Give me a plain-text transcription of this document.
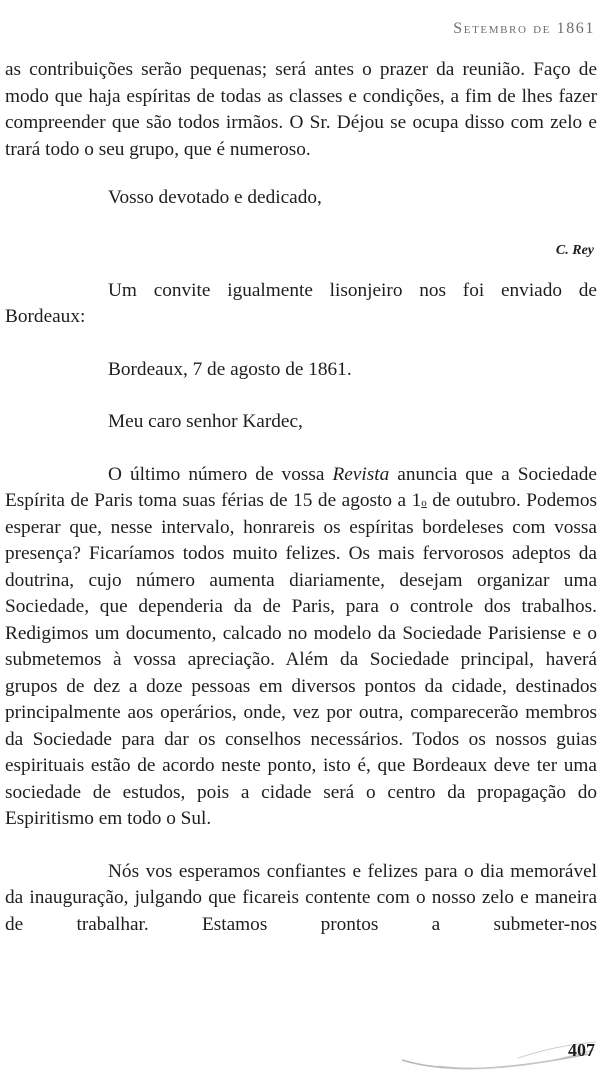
Setembro de 1861

as contribuições serão pequenas; será antes o prazer da reunião. Faço de modo que haja espíritas de todas as classes e condições, a fim de lhes fazer compreender que são todos irmãos. O Sr. Déjou se ocupa disso com zelo e trará todo o seu grupo, que é numeroso.

Vosso devotado e dedicado,

C. Rey

Um convite igualmente lisonjeiro nos foi enviado de Bordeaux:

Bordeaux, 7 de agosto de 1861.

Meu caro senhor Kardec,

O último número de vossa Revista anuncia que a Sociedade Espírita de Paris toma suas férias de 15 de agosto a 1$^o$ de outubro. Podemos esperar que, nesse intervalo, honrareis os espíritas bordeleses com vossa presença? Ficaríamos todos muito felizes. Os mais fervorosos adeptos da doutrina, cujo número aumenta diariamente, desejam organizar uma Sociedade, que dependeria da de Paris, para o controle dos trabalhos. Redigimos um documento, calcado no modelo da Sociedade Parisiense e o submetemos à vossa apreciação. Além da Sociedade principal, haverá grupos de dez a doze pessoas em diversos pontos da cidade, destinados principalmente aos operários, onde, vez por outra, comparecerão membros da Sociedade para dar os conselhos necessários. Todos os nossos guias espirituais estão de acordo neste ponto, isto é, que Bordeaux deve ter uma sociedade de estudos, pois a cidade será o centro da propagação do Espiritismo em todo o Sul.

Nós vos esperamos confiantes e felizes para o dia memorável da inauguração, julgando que ficareis contente com o nosso zelo e maneira de trabalhar. Estamos prontos a submeter-nos

407
